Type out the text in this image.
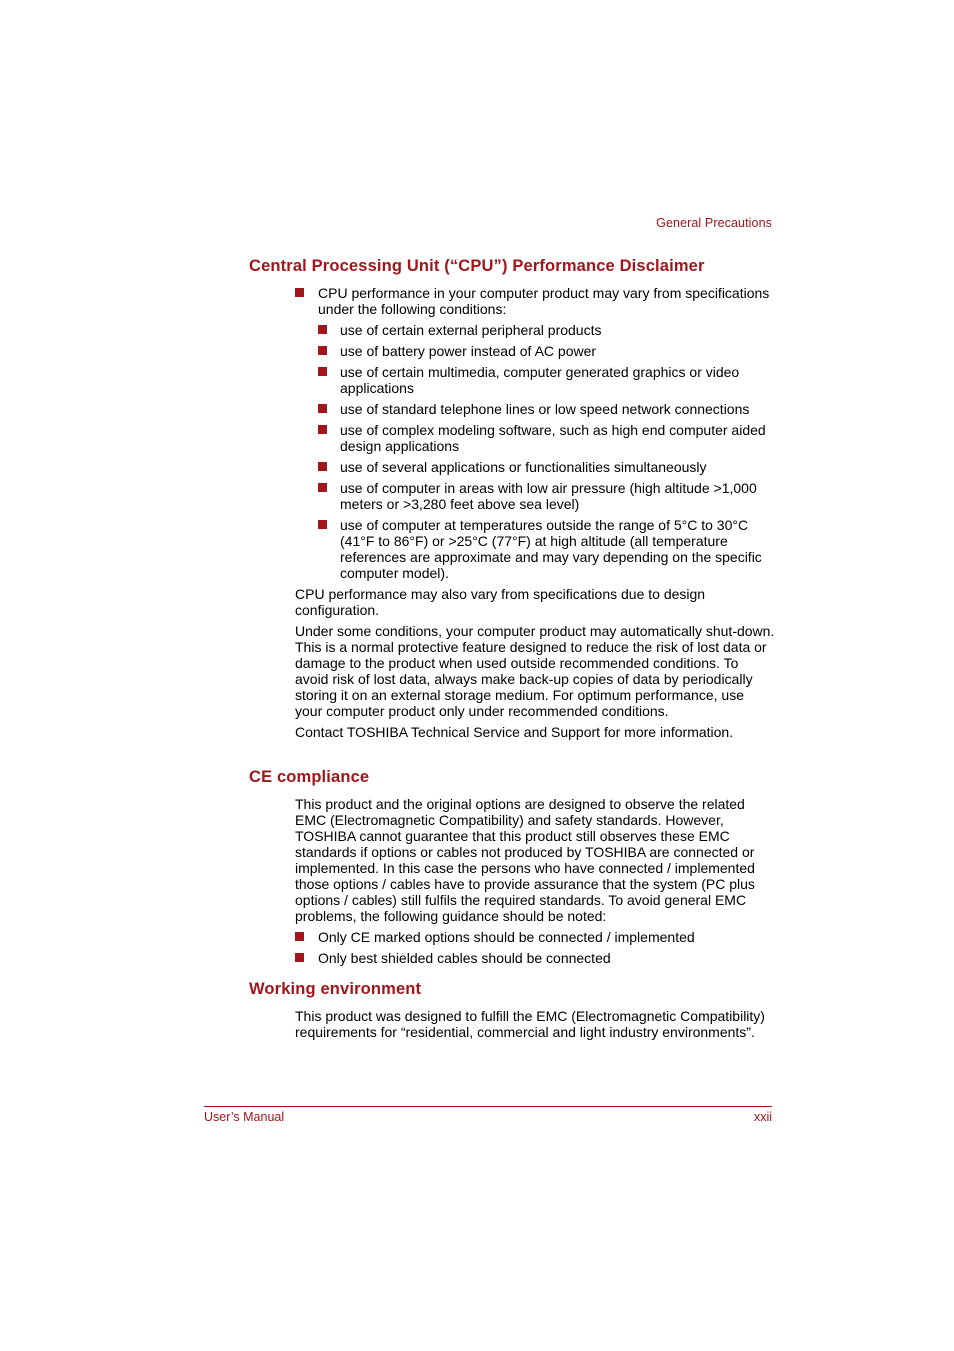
General Precautions
Central Processing Unit (“CPU”) Performance Disclaimer
CPU performance in your computer product may vary from specifications under the following conditions:
use of certain external peripheral products
use of battery power instead of AC power
use of certain multimedia, computer generated graphics or video applications
use of standard telephone lines or low speed network connections
use of complex modeling software, such as high end computer aided design applications
use of several applications or functionalities simultaneously
use of computer in areas with low air pressure (high altitude >1,000 meters or >3,280 feet above sea level)
use of computer at temperatures outside the range of 5°C to 30°C (41°F to 86°F) or >25°C (77°F) at high altitude (all temperature references are approximate and may vary depending on the specific computer model).

CPU performance may also vary from specifications due to design configuration.

Under some conditions, your computer product may automatically shut-down. This is a normal protective feature designed to reduce the risk of lost data or damage to the product when used outside recommended conditions. To avoid risk of lost data, always make back-up copies of data by periodically storing it on an external storage medium. For optimum performance, use your computer product only under recommended conditions.

Contact TOSHIBA Technical Service and Support for more information.

CE compliance

This product and the original options are designed to observe the related EMC (Electromagnetic Compatibility) and safety standards. However, TOSHIBA cannot guarantee that this product still observes these EMC standards if options or cables not produced by TOSHIBA are connected or implemented. In this case the persons who have connected / implemented those options / cables have to provide assurance that the system (PC plus options / cables) still fulfils the required standards. To avoid general EMC problems, the following guidance should be noted:

Only CE marked options should be connected / implemented
Only best shielded cables should be connected
Working environment

This product was designed to fulfill the EMC (Electromagnetic Compatibility) requirements for “residential, commercial and light industry environments”.

User’s Manual	xxii
